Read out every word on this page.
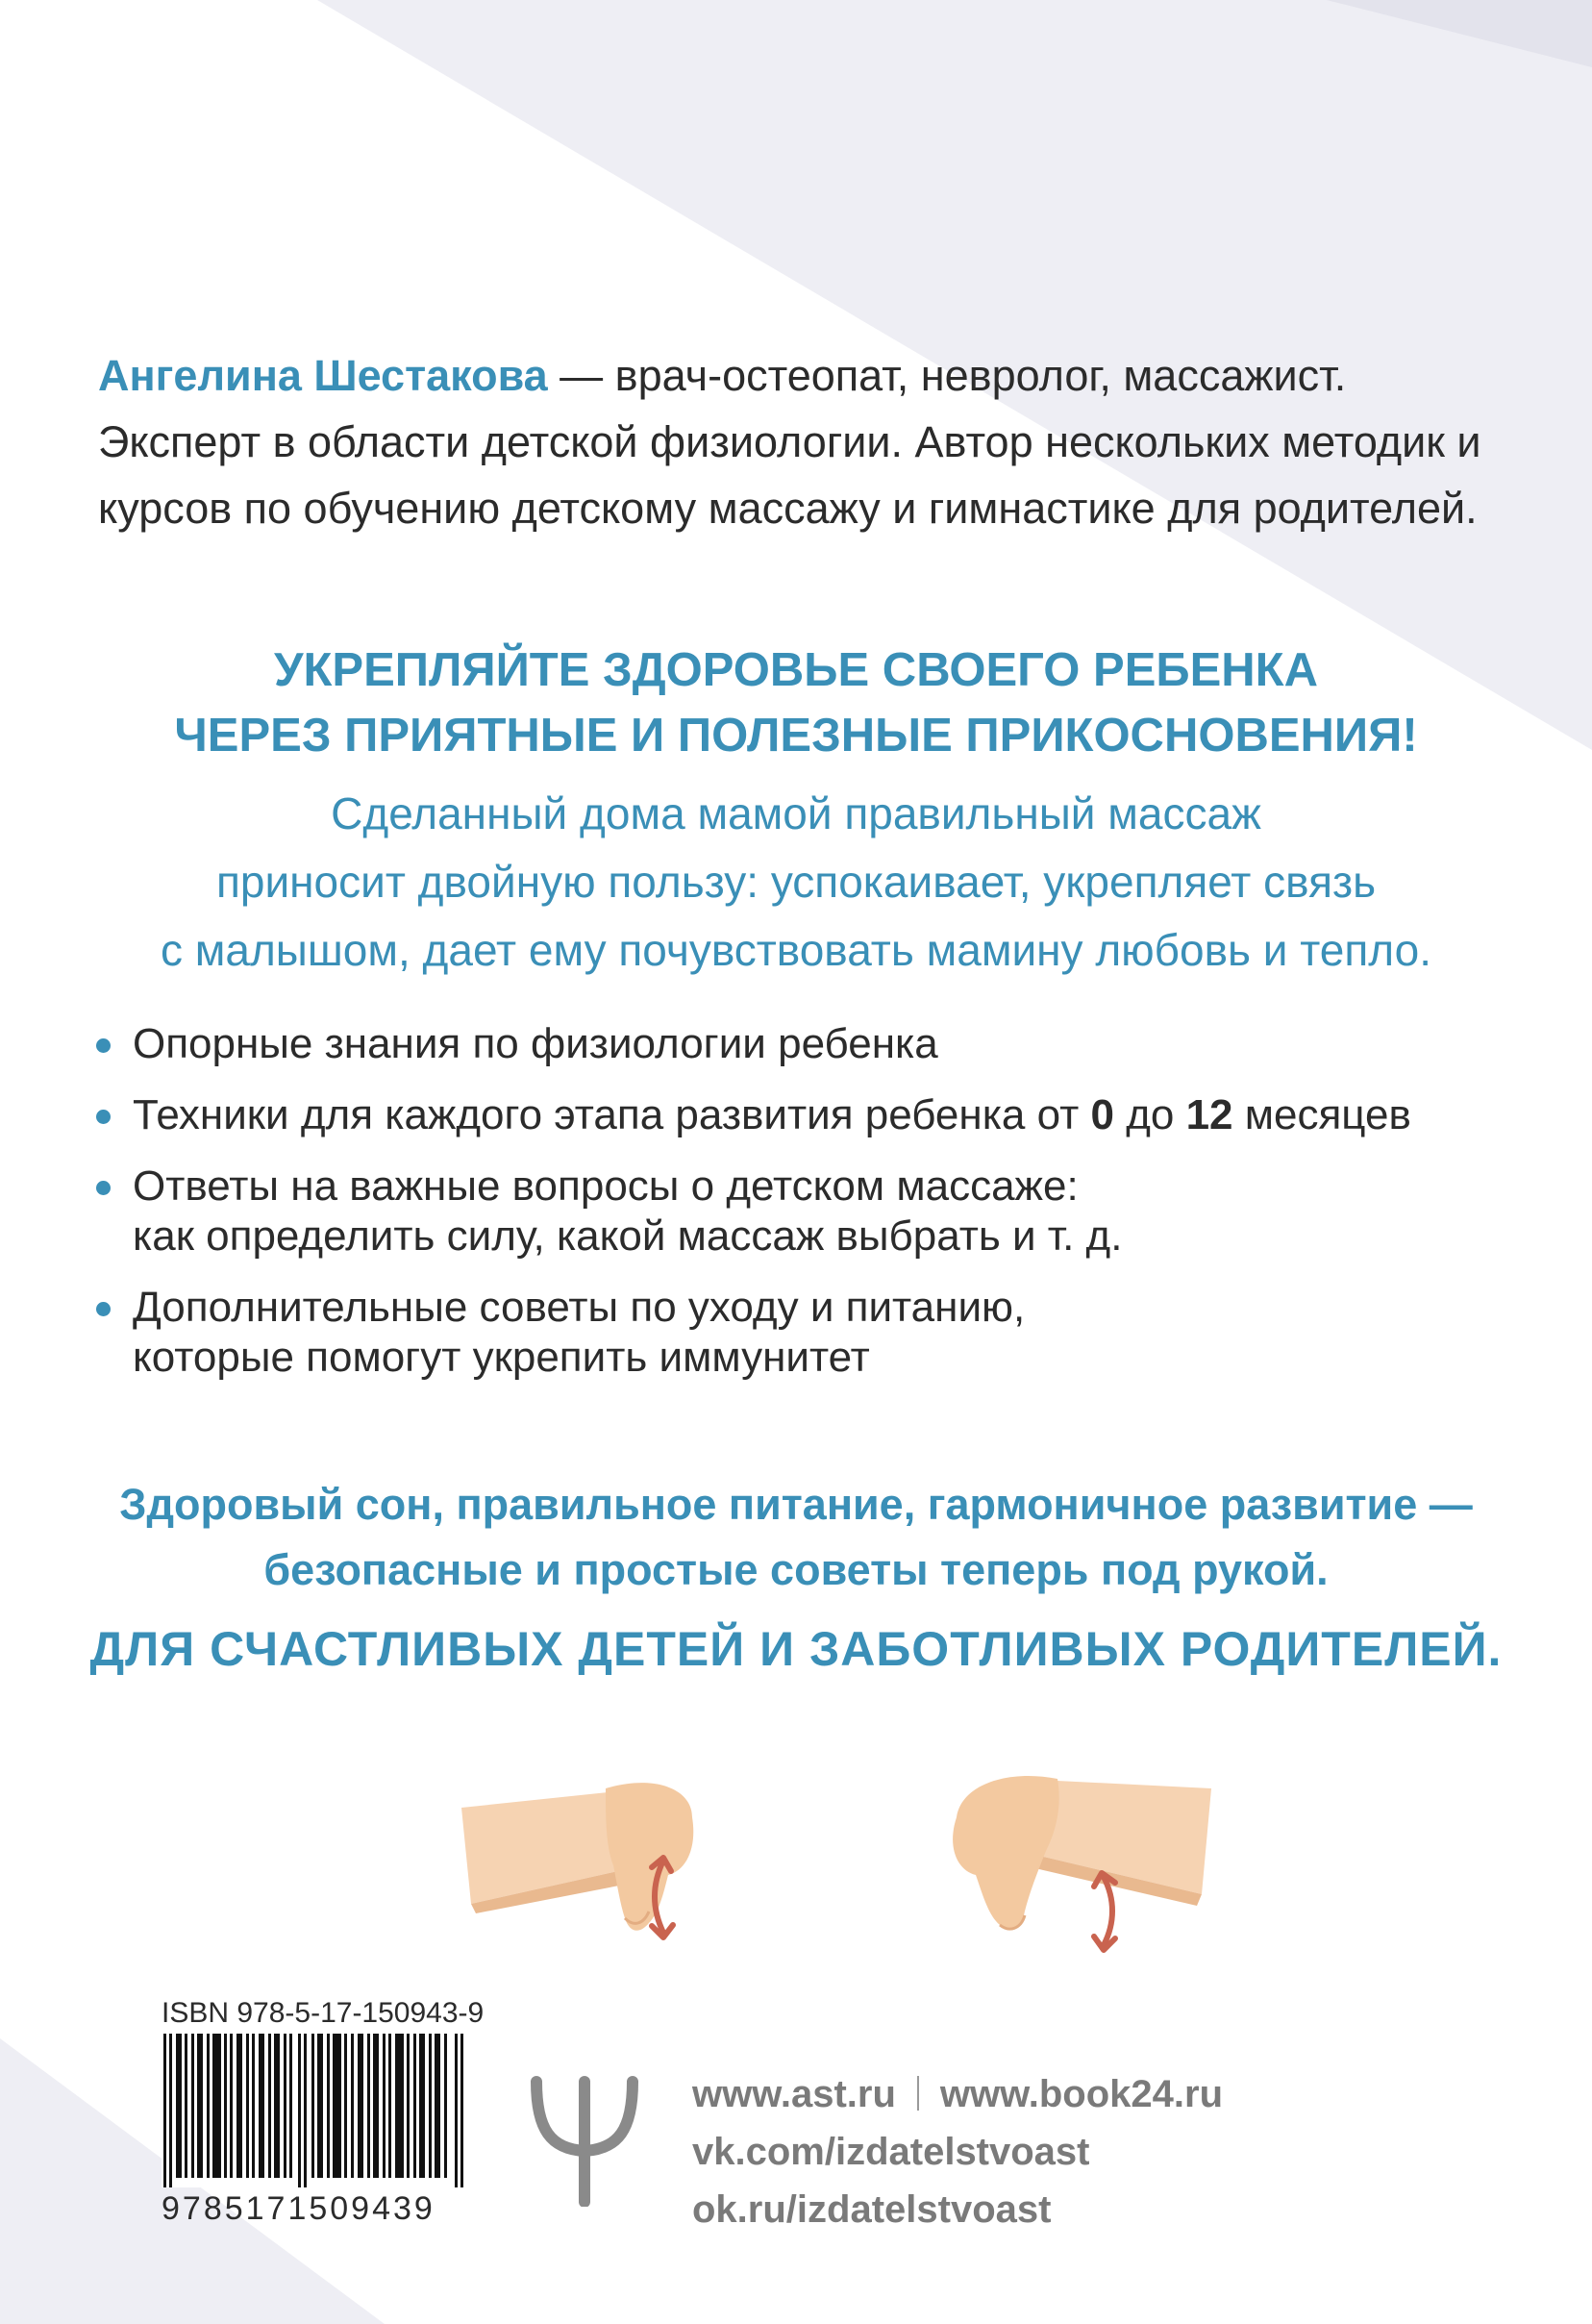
Ангелина Шестакова — врач-остеопат, невролог, массажист. Эксперт в области детской физиологии. Автор нескольких методик и курсов по обучению детскому массажу и гимнастике для родителей.
УКРЕПЛЯЙТЕ ЗДОРОВЬЕ СВОЕГО РЕБЕНКА
ЧЕРЕЗ ПРИЯТНЫЕ И ПОЛЕЗНЫЕ ПРИКОСНОВЕНИЯ!
Сделанный дома мамой правильный массаж
приносит двойную пользу: успокаивает, укрепляет связь
с малышом, дает ему почувствовать мамину любовь и тепло.
Опорные знания по физиологии ребенка
Техники для каждого этапа развития ребенка от 0 до 12 месяцев
Ответы на важные вопросы о детском массаже:
как определить силу, какой массаж выбрать и т. д.
Дополнительные советы по уходу и питанию,
которые помогут укрепить иммунитет
Здоровый сон, правильное питание, гармоничное развитие —
безопасные и простые советы теперь под рукой.
ДЛЯ СЧАСТЛИВЫХ ДЕТЕЙ И ЗАБОТЛИВЫХ РОДИТЕЛЕЙ.
ISBN 978-5-17-150943-9
9785171509439
www.ast.ru www.book24.ru
vk.com/izdatelstvoast
ok.ru/izdatelstvoast
